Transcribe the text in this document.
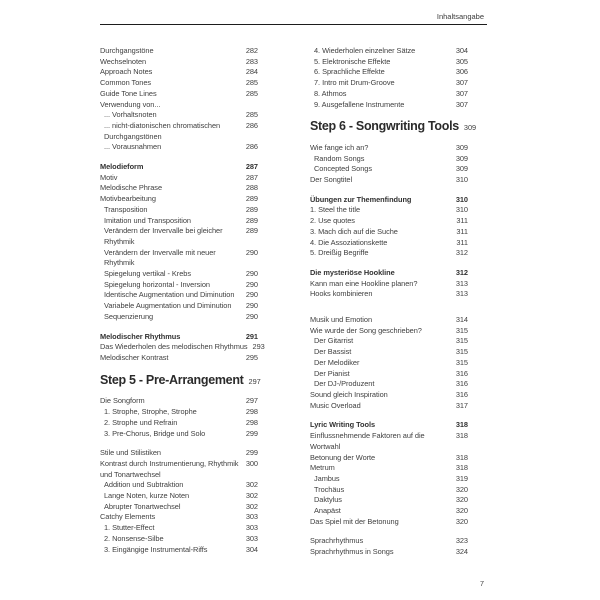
Inhaltsangabe
Durchgangstöne	282
Wechselnoten	283
Approach Notes	284
Common Tones	285
Guide Tone Lines	285
Verwendung von...
... Vorhaltsnoten	285
... nicht-diatonischen chromatischen	286
Durchgangstönen
... Vorausnahmen	286
Melodieform	287
Motiv	287
Melodische Phrase	288
Motivbearbeitung	289
Transposition	289
Imitation und Transposition	289
Verändern der Invervalle bei gleicher	289
Rhythmik
Verändern der Invervalle mit neuer	290
Rhythmik
Spiegelung vertikal - Krebs	290
Spiegelung horizontal - Inversion	290
Identische Augmentation und Diminution 290
Variabele Augmentation und Diminution 290
Sequenzierung	290
Melodischer Rhythmus	291
Das Wiederholen des melodischen Rhythmus 293
Melodischer Kontrast	295
Step 5 - Pre-Arrangement 297
Die Songform	297
1. Strophe, Strophe, Strophe	298
2. Strophe und Refrain	298
3. Pre-Chorus, Bridge und Solo	299
Stile und Stilistiken	299
Kontrast durch Instrumentierung, Rhythmik 300
und Tonartwechsel
Addition und Subtraktion	302
Lange Noten, kurze Noten	302
Abrupter Tonartwechsel	302
Catchy Elements	303
1. Stutter-Effect	303
2. Nonsense-Silbe	303
3. Eingängige Instrumental-Riffs	304
4. Wiederholen einzelner Sätze	304
5. Elektronische Effekte	305
6. Sprachliche Effekte	306
7. Intro mit Drum-Groove	307
8. Athmos	307
9. Ausgefallene Instrumente	307
Step 6 - Songwriting Tools 309
Wie fange ich an?	309
Random Songs	309
Concepted Songs	309
Der Songtitel	310
Übungen zur Themenfindung	310
1. Steel the title	310
2. Use quotes	311
3. Mach dich auf die Suche	311
4. Die Assoziationskette	311
5. Dreißig Begriffe	312
Die mysteriöse Hookline	312
Kann man eine Hookline planen?	313
Hooks kombinieren	313
Musik und Emotion	314
Wie wurde der Song geschrieben?	315
Der Gitarrist	315
Der Bassist	315
Der Melodiker	315
Der Pianist	316
Der DJ-/Produzent	316
Sound gleich Inspiration	316
Music Overload	317
Lyric Writing Tools	318
Einflussnehmende Faktoren auf die	318
Wortwahl
Betonung der Worte	318
Metrum	318
Jambus	319
Trochäus	320
Daktylus	320
Anapäst	320
Das Spiel mit der Betonung	320
Sprachrhythmus	323
Sprachrhythmus in Songs	324
7
